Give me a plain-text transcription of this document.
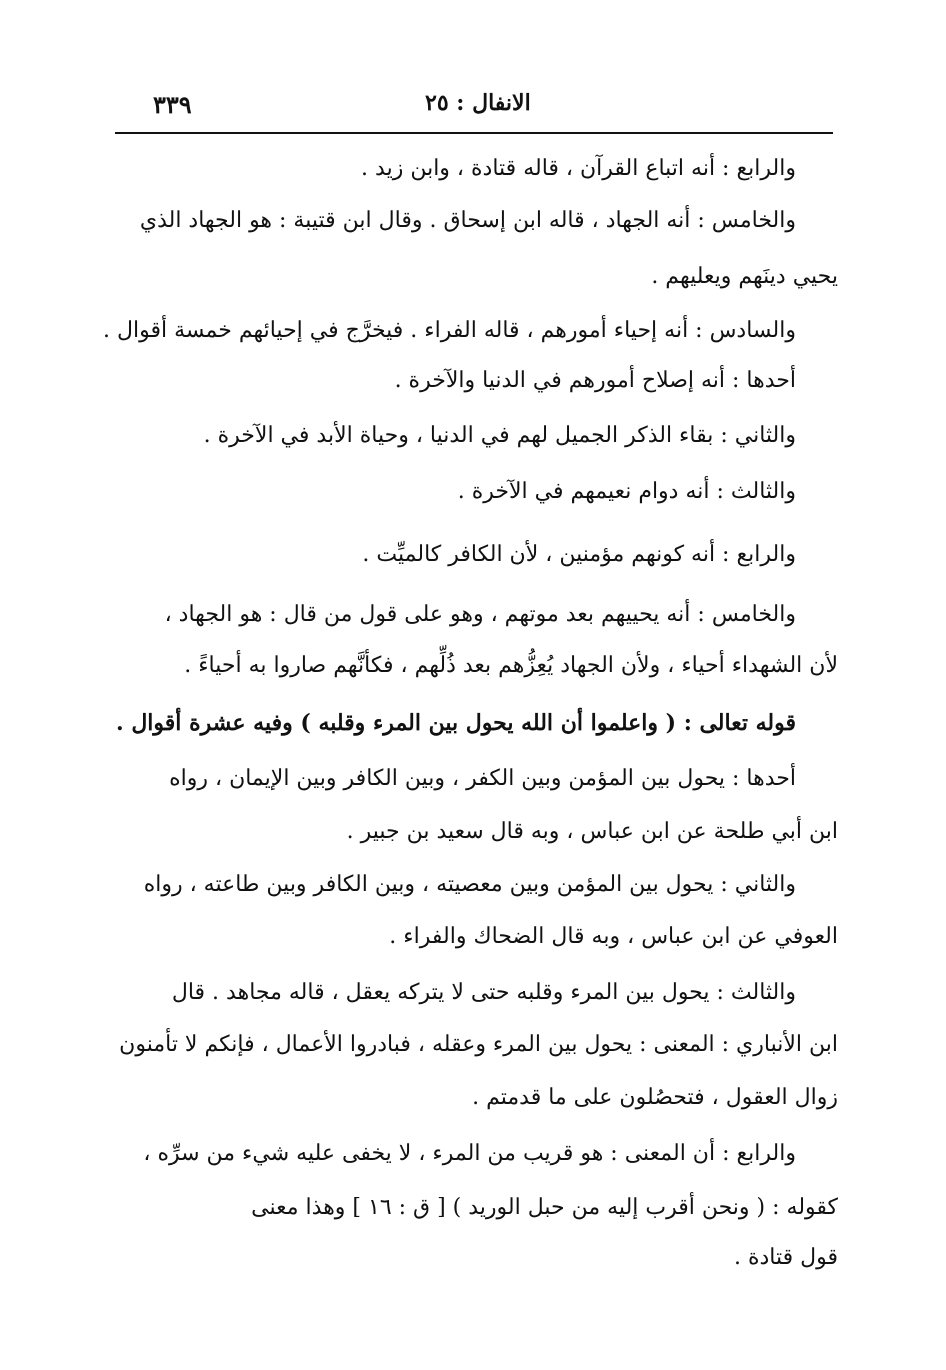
٣٣٩	الانفال : ٢٥
والرابع : أنه اتباع القرآن ، قاله قتادة ، وابن زيد .
والخامس : أنه الجهاد ، قاله ابن إسحاق . وقال ابن قتيبة : هو الجهاد الذي
يحيي دينَهم ويعليهم .
والسادس : أنه إحياء أمورهم ، قاله الفراء . فيخرَّج في إحيائهم خمسة أقوال .
أحدها : أنه إصلاح أمورهم في الدنيا والآخرة .
والثاني : بقاء الذكر الجميل لهم في الدنيا ، وحياة الأبد في الآخرة .
والثالث : أنه دوام نعيمهم في الآخرة .
والرابع : أنه كونهم مؤمنين ، لأن الكافر كالميِّت .
والخامس : أنه يحييهم بعد موتهم ، وهو على قول من قال : هو الجهاد ،
لأن الشهداء أحياء ، ولأن الجهاد يُعِزُّهم بعد ذُلِّهم ، فكأنَّهم صاروا به أحياءً .
قوله تعالى : ( واعلموا أن الله يحول بين المرء وقلبه ) وفيه عشرة أقوال .
أحدها : يحول بين المؤمن وبين الكفر ، وبين الكافر وبين الإيمان ، رواه
ابن أبي طلحة عن ابن عباس ، وبه قال سعيد بن جبير .
والثاني : يحول بين المؤمن وبين معصيته ، وبين الكافر وبين طاعته ، رواه
العوفي عن ابن عباس ، وبه قال الضحاك والفراء .
والثالث : يحول بين المرء وقلبه حتى لا يتركه يعقل ، قاله مجاهد . قال
ابن الأنباري : المعنى : يحول بين المرء وعقله ، فبادروا الأعمال ، فإنكم لا تأمنون
زوال العقول ، فتحصُلون على ما قدمتم .
والرابع : أن المعنى : هو قريب من المرء ، لا يخفى عليه شيء من سرِّه ،
كقوله : ( ونحن أقرب إليه من حبل الوريد ) [ ق : ١٦ ] وهذا معنى
قول قتادة .
